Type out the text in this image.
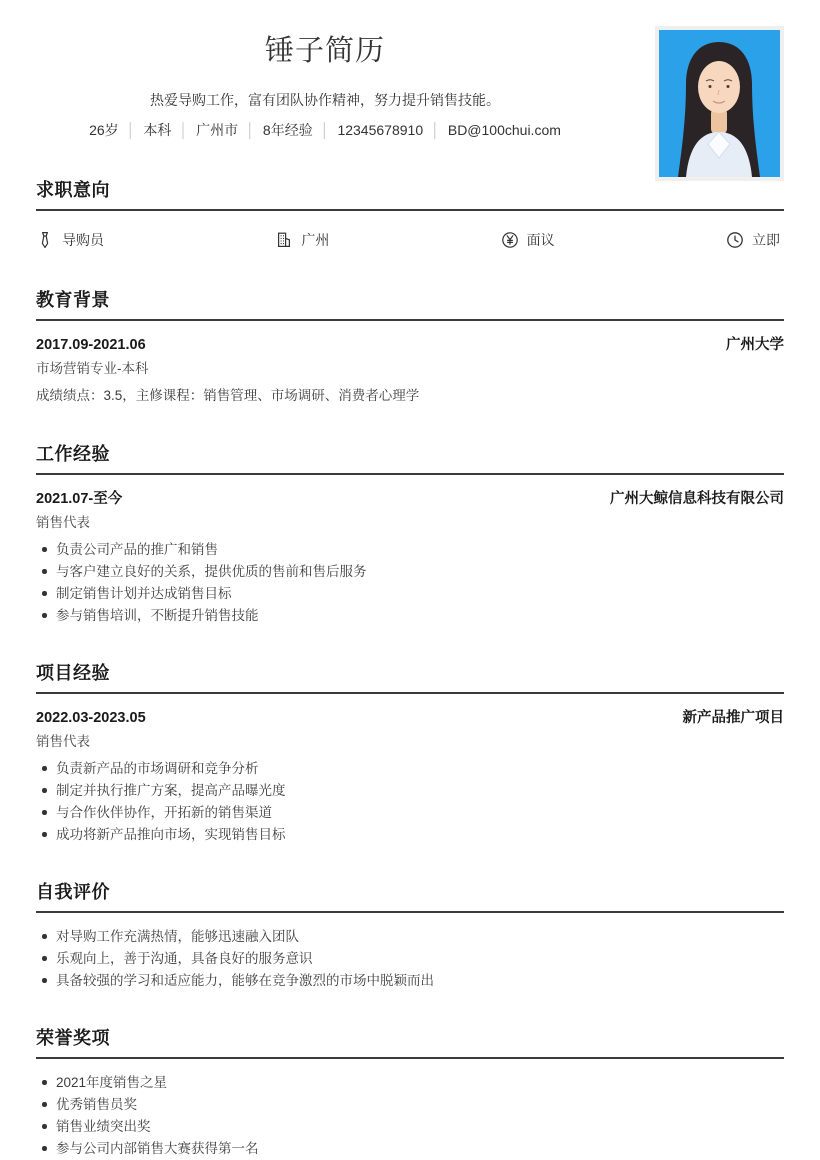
锤子简历
热爱导购工作，富有团队协作精神，努力提升销售技能。
26岁 │ 本科 │ 广州市 │ 8年经验 │ 12345678910 │ BD@100chui.com
求职意向
导购员	广州	面议	立即
教育背景
2017.09-2021.06	广州大学
市场营销专业-本科
成绩绩点：3.5，主修课程：销售管理、市场调研、消费者心理学
工作经验
2021.07-至今	广州大鲸信息科技有限公司
销售代表
负责公司产品的推广和销售
与客户建立良好的关系，提供优质的售前和售后服务
制定销售计划并达成销售目标
参与销售培训，不断提升销售技能
项目经验
2022.03-2023.05	新产品推广项目
销售代表
负责新产品的市场调研和竞争分析
制定并执行推广方案，提高产品曝光度
与合作伙伴协作，开拓新的销售渠道
成功将新产品推向市场，实现销售目标
自我评价
对导购工作充满热情，能够迅速融入团队
乐观向上，善于沟通，具备良好的服务意识
具备较强的学习和适应能力，能够在竞争激烈的市场中脱颖而出
荣誉奖项
2021年度销售之星
优秀销售员奖
销售业绩突出奖
参与公司内部销售大赛获得第一名
